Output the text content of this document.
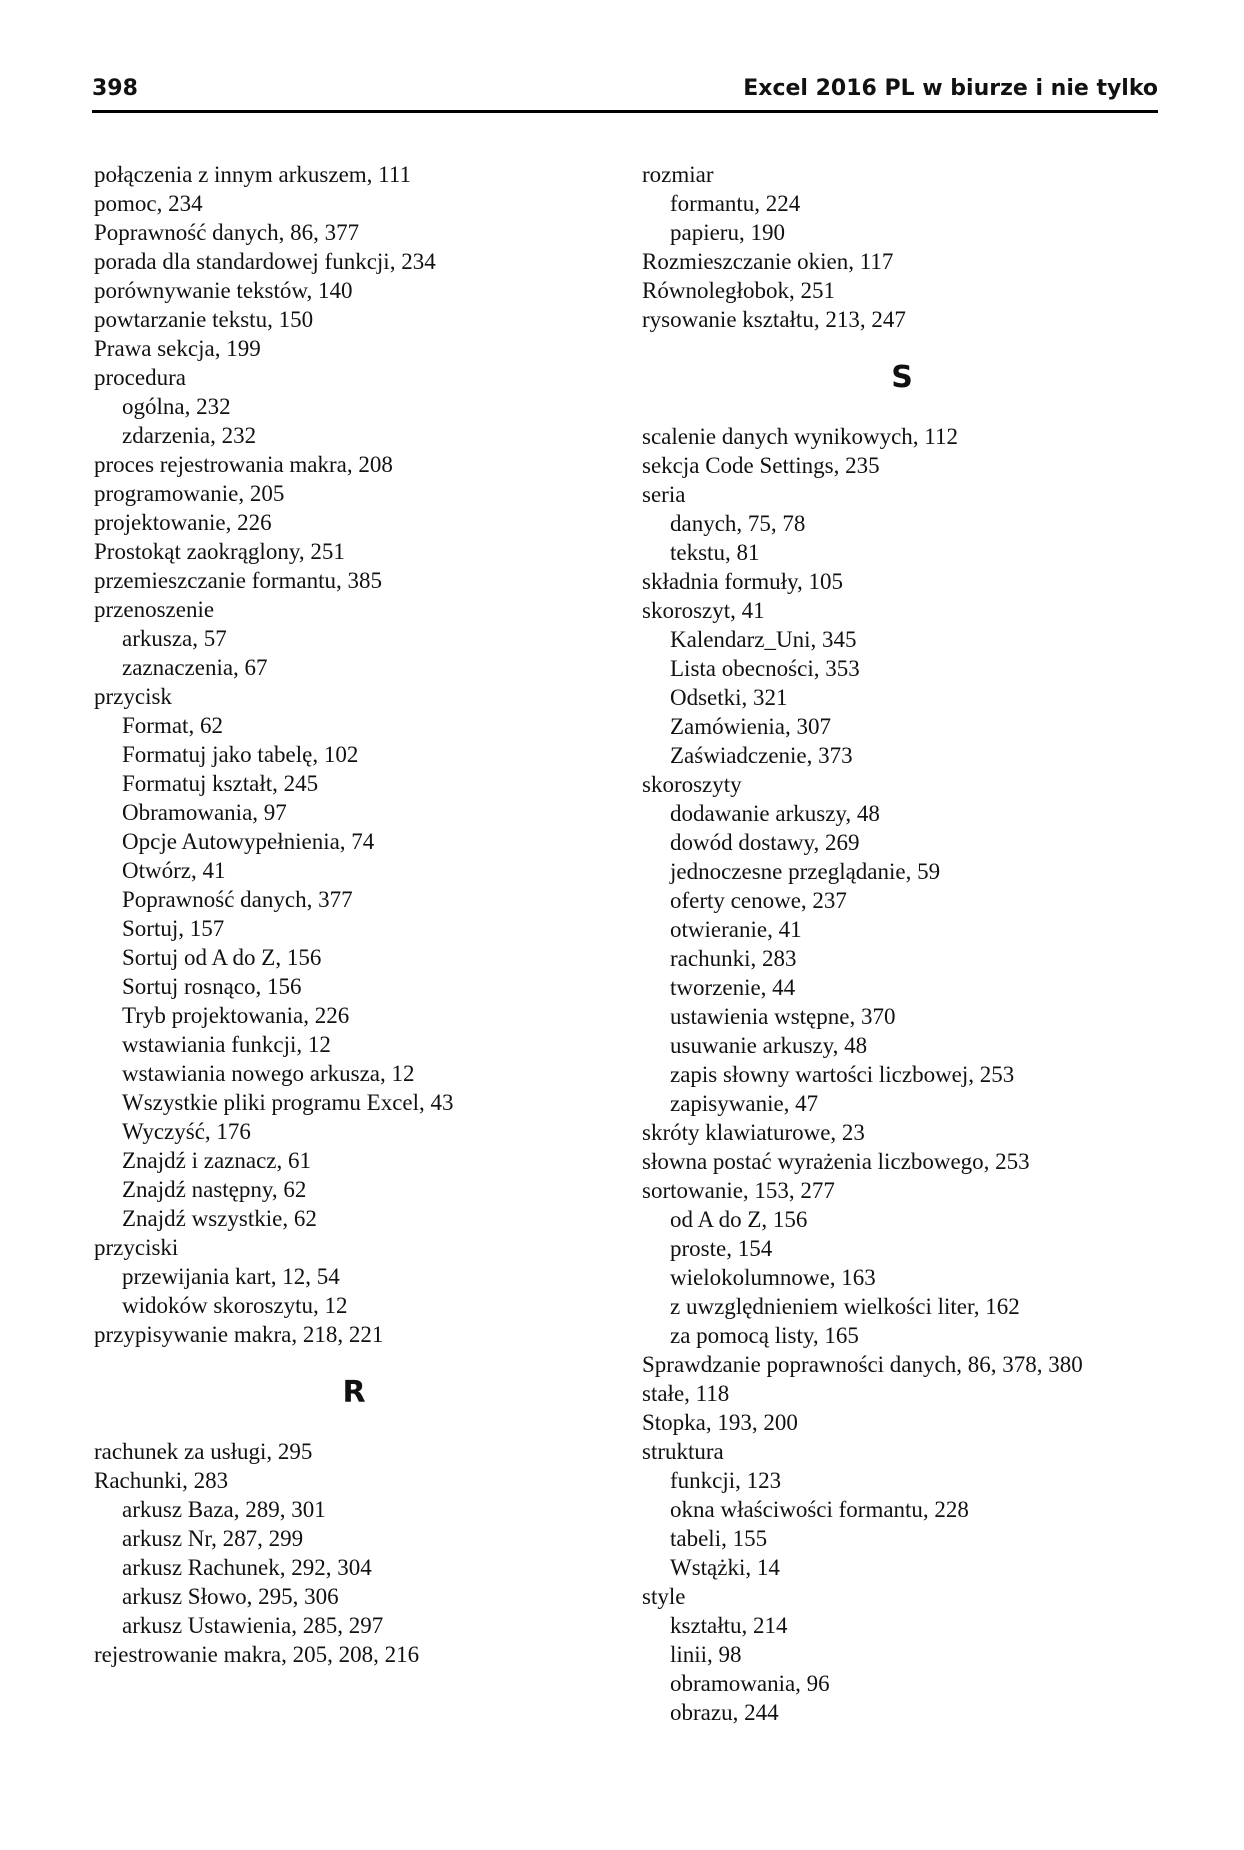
398	Excel 2016 PL w biurze i nie tylko
połączenia z innym arkuszem, 111
pomoc, 234
Poprawność danych, 86, 377
porada dla standardowej funkcji, 234
porównywanie tekstów, 140
powtarzanie tekstu, 150
Prawa sekcja, 199
procedura
ogólna, 232
zdarzenia, 232
proces rejestrowania makra, 208
programowanie, 205
projektowanie, 226
Prostokąt zaokrąglony, 251
przemieszczanie formantu, 385
przenoszenie
arkusza, 57
zaznaczenia, 67
przycisk
Format, 62
Formatuj jako tabelę, 102
Formatuj kształt, 245
Obramowania, 97
Opcje Autowypełnienia, 74
Otwórz, 41
Poprawność danych, 377
Sortuj, 157
Sortuj od A do Z, 156
Sortuj rosnąco, 156
Tryb projektowania, 226
wstawiania funkcji, 12
wstawiania nowego arkusza, 12
Wszystkie pliki programu Excel, 43
Wyczyść, 176
Znajdź i zaznacz, 61
Znajdź następny, 62
Znajdź wszystkie, 62
przyciski
przewijania kart, 12, 54
widoków skoroszytu, 12
przypisywanie makra, 218, 221
R
rachunek za usługi, 295
Rachunki, 283
arkusz Baza, 289, 301
arkusz Nr, 287, 299
arkusz Rachunek, 292, 304
arkusz Słowo, 295, 306
arkusz Ustawienia, 285, 297
rejestrowanie makra, 205, 208, 216
rozmiar
formantu, 224
papieru, 190
Rozmieszczanie okien, 117
Równoległobok, 251
rysowanie kształtu, 213, 247
S
scalenie danych wynikowych, 112
sekcja Code Settings, 235
seria
danych, 75, 78
tekstu, 81
składnia formuły, 105
skoroszyt, 41
Kalendarz_Uni, 345
Lista obecności, 353
Odsetki, 321
Zamówienia, 307
Zaświadczenie, 373
skoroszyty
dodawanie arkuszy, 48
dowód dostawy, 269
jednoczesne przeglądanie, 59
oferty cenowe, 237
otwieranie, 41
rachunki, 283
tworzenie, 44
ustawienia wstępne, 370
usuwanie arkuszy, 48
zapis słowny wartości liczbowej, 253
zapisywanie, 47
skróty klawiaturowe, 23
słowna postać wyrażenia liczbowego, 253
sortowanie, 153, 277
od A do Z, 156
proste, 154
wielokolumnowe, 163
z uwzględnieniem wielkości liter, 162
za pomocą listy, 165
Sprawdzanie poprawności danych, 86, 378, 380
stałe, 118
Stopka, 193, 200
struktura
funkcji, 123
okna właściwości formantu, 228
tabeli, 155
Wstążki, 14
style
kształtu, 214
linii, 98
obramowania, 96
obrazu, 244
